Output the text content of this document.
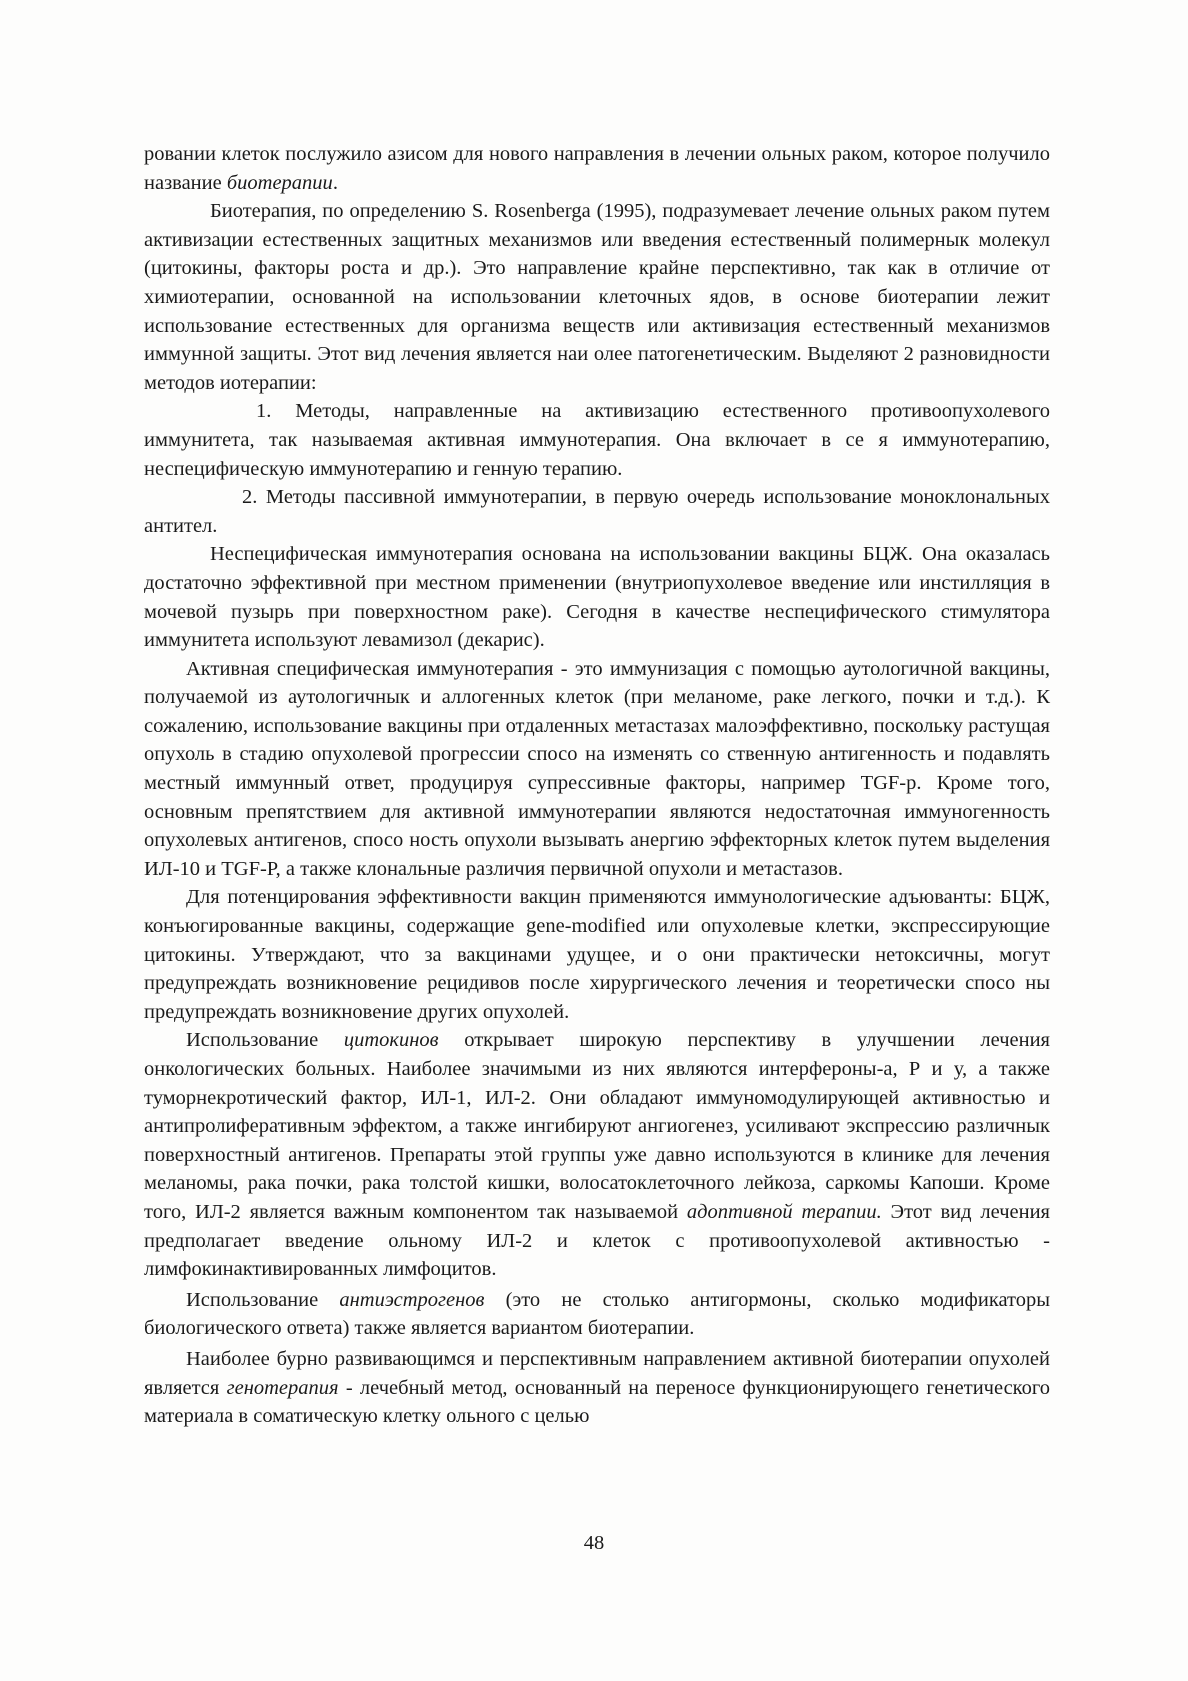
ровании клеток послужило азисом для нового направления в лечении ольных раком, которое получило название биотерапии.

Биотерапия, по определению S. Rosenberga (1995), подразумевает лечение ольных раком путем активизации естественных защитных механизмов или введения естественный полимернык молекул (цитокины, факторы роста и др.). Это направление крайне перспективно, так как в отличие от химиотерапии, основанной на использовании клеточных ядов, в основе биотерапии лежит использование естественных для организма веществ или активизация естественный механизмов иммунной защиты. Этот вид лечения является наи олее патогенетическим. Выделяют 2 разновидности методов иотерапии:

1. Методы, направленные на активизацию естественного противоопухолевого иммунитета, так называемая активная иммунотерапия. Она включает в се я иммунотерапию, неспецифическую иммунотерапию и генную терапию.

2. Методы пассивной иммунотерапии, в первую очередь использование моноклональных антител.

Неспецифическая иммунотерапия основана на использовании вакцины БЦЖ. Она оказалась достаточно эффективной при местном применении (внутриопухолевое введение или инстилляция в мочевой пузырь при поверхностном раке). Сегодня в качестве неспецифического стимулятора иммунитета используют левамизол (декарис).

Активная специфическая иммунотерапия - это иммунизация с помощью аутологичной вакцины, получаемой из аутологичнык и аллогенных клеток (при меланоме, раке легкого, почки и т.д.). К сожалению, использование вакцины при отдаленных метастазах малоэффективно, поскольку растущая опухоль в стадию опухолевой прогрессии спосо на изменять со ственную антигенность и подавлять местный иммунный ответ, продуцируя супрессивные факторы, например TGF-p. Кроме того, основным препятствием для активной иммунотерапии являются недостаточная иммуногенность опухолевых антигенов, спосо ность опухоли вызывать анергию эффекторных клеток путем выделения ИЛ-10 и TGF-Р, а также клональные различия первичной опухоли и метастазов.

Для потенцирования эффективности вакцин применяются иммунологические адъюванты: БЦЖ, конъюгированные вакцины, содержащие gene-modified или опухолевые клетки, экспрессирующие цитокины. Утверждают, что за вакцинами удущее, и о они практически нетоксичны, могут предупреждать возникновение рецидивов после хирургического лечения и теоретически спосо ны предупреждать возникновение других опухолей.

Использование цитокинов открывает широкую перспективу в улучшении лечения онкологических больных. Наиболее значимыми из них являются интерфероны-а, Р и у, а также туморнекротический фактор, ИЛ-1, ИЛ-2. Они обладают иммуномодулирующей активностью и антипролиферативным эффектом, а также ингибируют ангиогенез, усиливают экспрессию различнык поверхностный антигенов. Препараты этой группы уже давно используются в клинике для лечения меланомы, рака почки, рака толстой кишки, волосатоклеточного лейкоза, саркомы Капоши. Кроме того, ИЛ-2 является важным компонентом так называемой адоптивной терапии. Этот вид лечения предполагает введение ольному ИЛ-2 и клеток с противоопухолевой активностью - лимфокинактивированных лимфоцитов.

Использование антиэстрогенов (это не столько антигормоны, сколько модификаторы биологического ответа) также является вариантом биотерапии.

Наиболее бурно развивающимся и перспективным направлением активной биотерапии опухолей является генотерапия - лечебный метод, основанный на переносе функционирующего генетического материала в соматическую клетку ольного с целью

48
